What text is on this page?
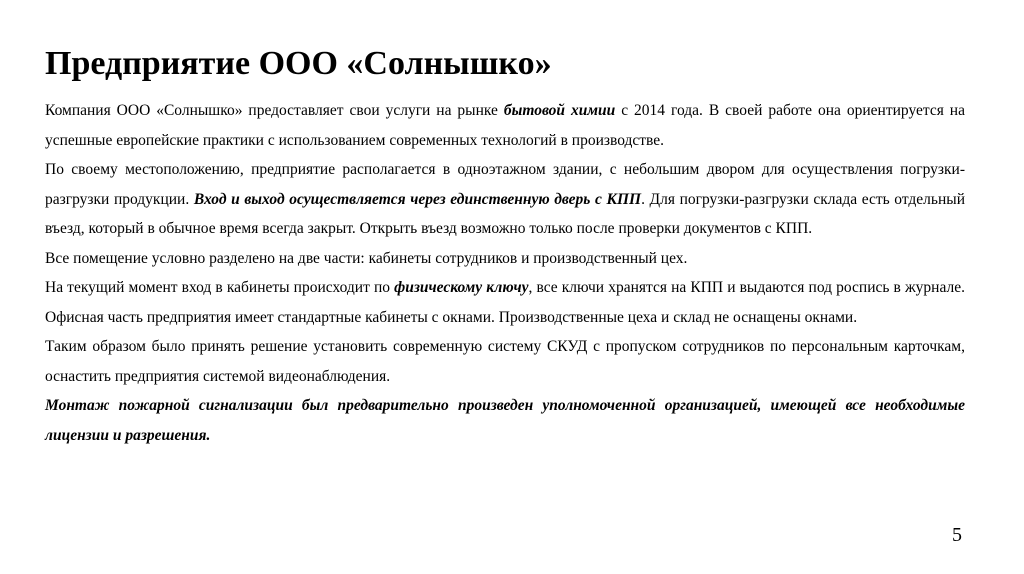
Предприятие ООО «Солнышко»

Компания ООО «Солнышко» предоставляет свои услуги на рынке бытовой химии с 2014 года. В своей работе она ориентируется на успешные европейские практики с использованием современных технологий в производстве.

По своему местоположению, предприятие располагается в одноэтажном здании, с небольшим двором для осуществления погрузки-разгрузки продукции. Вход и выход осуществляется через единственную дверь с КПП. Для погрузки-разгрузки склада есть отдельный въезд, который в обычное время всегда закрыт. Открыть въезд возможно только после проверки документов с КПП.

Все помещение условно разделено на две части: кабинеты сотрудников и производственный цех.

На текущий момент вход в кабинеты происходит по физическому ключу, все ключи хранятся на КПП и выдаются под роспись в журнале. Офисная часть предприятия имеет стандартные кабинеты с окнами. Производственные цеха и склад не оснащены окнами.

Таким образом было принять решение установить современную систему СКУД с пропуском сотрудников по персональным карточкам, оснастить предприятия системой видеонаблюдения.

Монтаж пожарной сигнализации был предварительно произведен уполномоченной организацией, имеющей все необходимые лицензии и разрешения.

5
